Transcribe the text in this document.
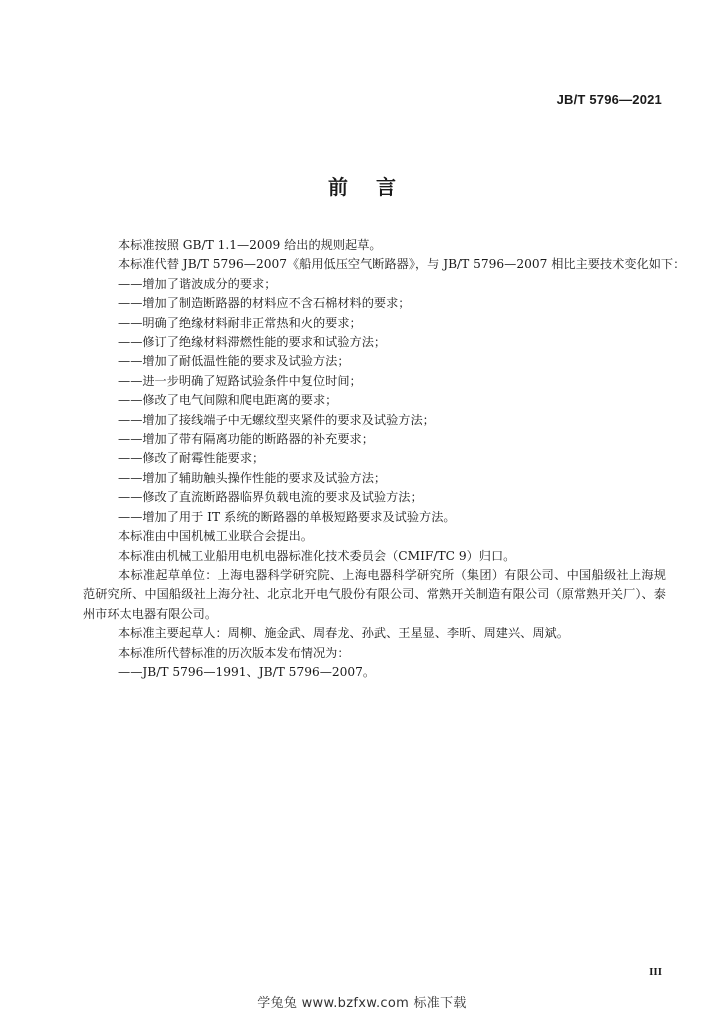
JB/T 5796—2021
前言

本标准按照 GB/T 1.1—2009 给出的规则起草。

本标准代替 JB/T 5796—2007《船用低压空气断路器》，与 JB/T 5796—2007 相比主要技术变化如下：

——增加了谐波成分的要求；

——增加了制造断路器的材料应不含石棉材料的要求；

——明确了绝缘材料耐非正常热和火的要求；

——修订了绝缘材料滞燃性能的要求和试验方法；

——增加了耐低温性能的要求及试验方法；

——进一步明确了短路试验条件中复位时间；

——修改了电气间隙和爬电距离的要求；

——增加了接线端子中无螺纹型夹紧件的要求及试验方法；

——增加了带有隔离功能的断路器的补充要求；

——修改了耐霉性能要求；

——增加了辅助触头操作性能的要求及试验方法；

——修改了直流断路器临界负载电流的要求及试验方法；

——增加了用于 IT 系统的断路器的单极短路要求及试验方法。

本标准由中国机械工业联合会提出。

本标准由机械工业船用电机电器标准化技术委员会（CMIF/TC 9）归口。

本标准起草单位：上海电器科学研究院、上海电器科学研究所（集团）有限公司、中国船级社上海规范研究所、中国船级社上海分社、北京北开电气股份有限公司、常熟开关制造有限公司（原常熟开关厂）、泰州市环太电器有限公司。

本标准主要起草人：周柳、施金武、周春龙、孙武、王星显、李昕、周建兴、周斌。

本标准所代替标准的历次版本发布情况为：

——JB/T 5796—1991、JB/T 5796—2007。

III
学兔兔 www.bzfxw.com 标准下载
